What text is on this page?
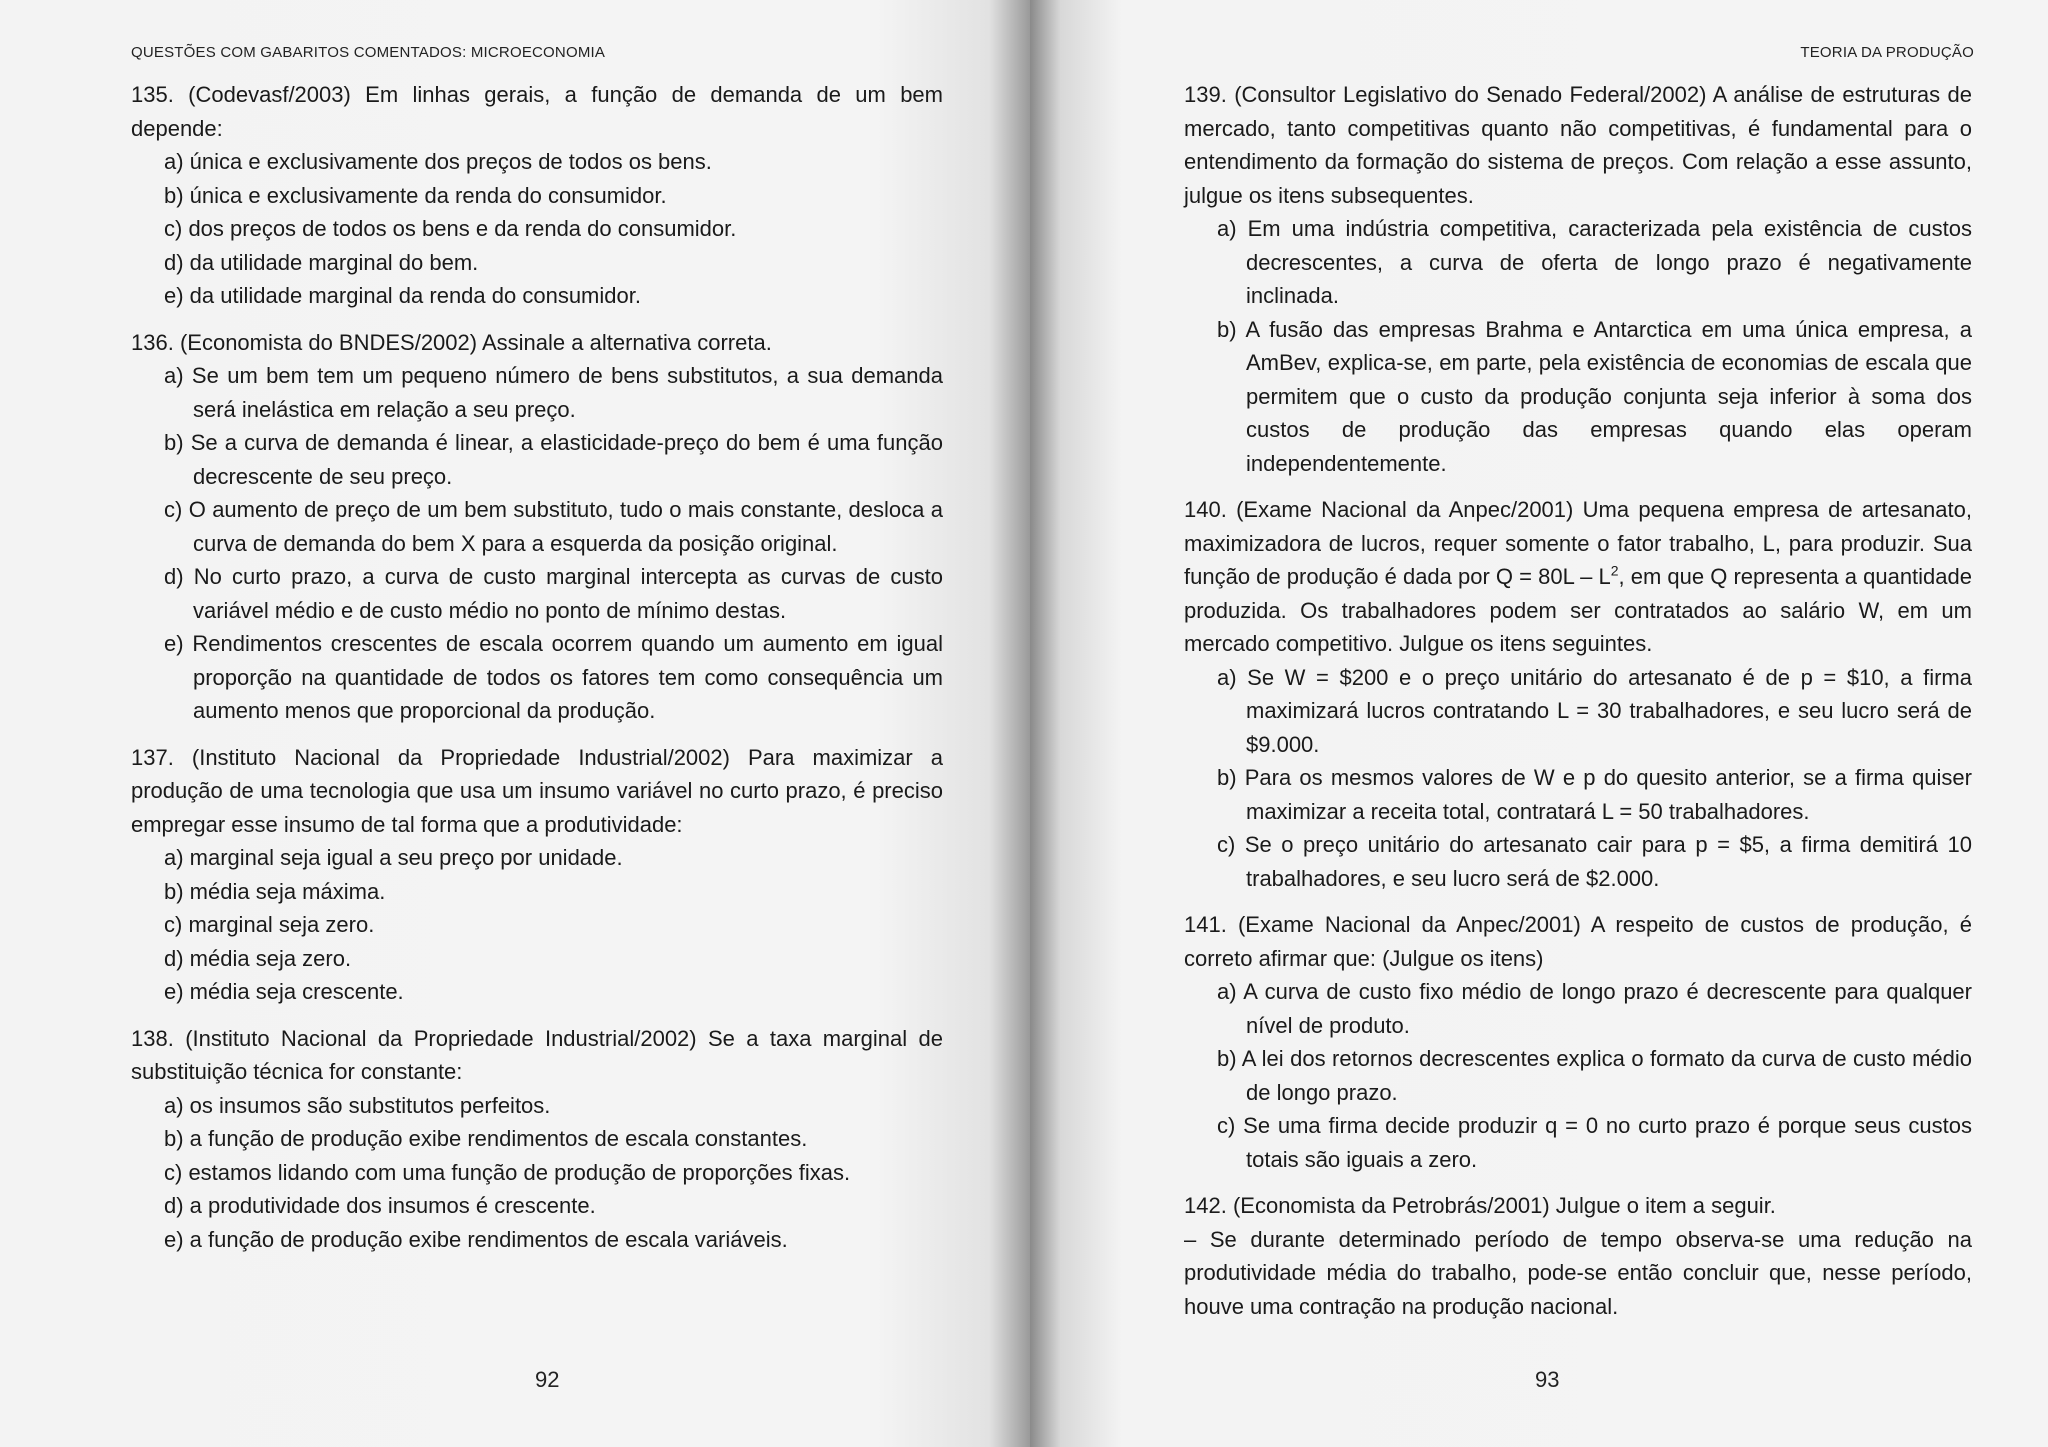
QUESTÕES COM GABARITOS COMENTADOS: MICROECONOMIA
135. (Codevasf/2003) Em linhas gerais, a função de demanda de um bem depende:
a) única e exclusivamente dos preços de todos os bens.
b) única e exclusivamente da renda do consumidor.
c) dos preços de todos os bens e da renda do consumidor.
d) da utilidade marginal do bem.
e) da utilidade marginal da renda do consumidor.
136. (Economista do BNDES/2002) Assinale a alternativa correta.
a) Se um bem tem um pequeno número de bens substitutos, a sua demanda será inelástica em relação a seu preço.
b) Se a curva de demanda é linear, a elasticidade-preço do bem é uma função decrescente de seu preço.
c) O aumento de preço de um bem substituto, tudo o mais constante, desloca a curva de demanda do bem X para a esquerda da posição original.
d) No curto prazo, a curva de custo marginal intercepta as curvas de custo variável médio e de custo médio no ponto de mínimo destas.
e) Rendimentos crescentes de escala ocorrem quando um aumento em igual proporção na quantidade de todos os fatores tem como consequência um aumento menos que proporcional da produção.
137. (Instituto Nacional da Propriedade Industrial/2002) Para maximizar a produção de uma tecnologia que usa um insumo variável no curto prazo, é preciso empregar esse insumo de tal forma que a produtividade:
a) marginal seja igual a seu preço por unidade.
b) média seja máxima.
c) marginal seja zero.
d) média seja zero.
e) média seja crescente.
138. (Instituto Nacional da Propriedade Industrial/2002) Se a taxa marginal de substituição técnica for constante:
a) os insumos são substitutos perfeitos.
b) a função de produção exibe rendimentos de escala constantes.
c) estamos lidando com uma função de produção de proporções fixas.
d) a produtividade dos insumos é crescente.
e) a função de produção exibe rendimentos de escala variáveis.
92
TEORIA DA PRODUÇÃO
139. (Consultor Legislativo do Senado Federal/2002) A análise de estruturas de mercado, tanto competitivas quanto não competitivas, é fundamental para o entendimento da formação do sistema de preços. Com relação a esse assunto, julgue os itens subsequentes.
a) Em uma indústria competitiva, caracterizada pela existência de custos decrescentes, a curva de oferta de longo prazo é negativamente inclinada.
b) A fusão das empresas Brahma e Antarctica em uma única empresa, a AmBev, explica-se, em parte, pela existência de economias de escala que permitem que o custo da produção conjunta seja inferior à soma dos custos de produção das empresas quando elas operam independentemente.
140. (Exame Nacional da Anpec/2001) Uma pequena empresa de artesanato, maximizadora de lucros, requer somente o fator trabalho, L, para produzir. Sua função de produção é dada por $Q = 80L - L^2$, em que Q representa a quantidade produzida. Os trabalhadores podem ser contratados ao salário W, em um mercado competitivo. Julgue os itens seguintes.
a) Se W = $200 e o preço unitário do artesanato é de p = $10, a firma maximizará lucros contratando L = 30 trabalhadores, e seu lucro será de $9.000.
b) Para os mesmos valores de W e p do quesito anterior, se a firma quiser maximizar a receita total, contratará L = 50 trabalhadores.
c) Se o preço unitário do artesanato cair para p = $5, a firma demitirá 10 trabalhadores, e seu lucro será de $2.000.
141. (Exame Nacional da Anpec/2001) A respeito de custos de produção, é correto afirmar que: (Julgue os itens)
a) A curva de custo fixo médio de longo prazo é decrescente para qualquer nível de produto.
b) A lei dos retornos decrescentes explica o formato da curva de custo médio de longo prazo.
c) Se uma firma decide produzir q = 0 no curto prazo é porque seus custos totais são iguais a zero.
142. (Economista da Petrobrás/2001) Julgue o item a seguir.
– Se durante determinado período de tempo observa-se uma redução na produtividade média do trabalho, pode-se então concluir que, nesse período, houve uma contração na produção nacional.
93
